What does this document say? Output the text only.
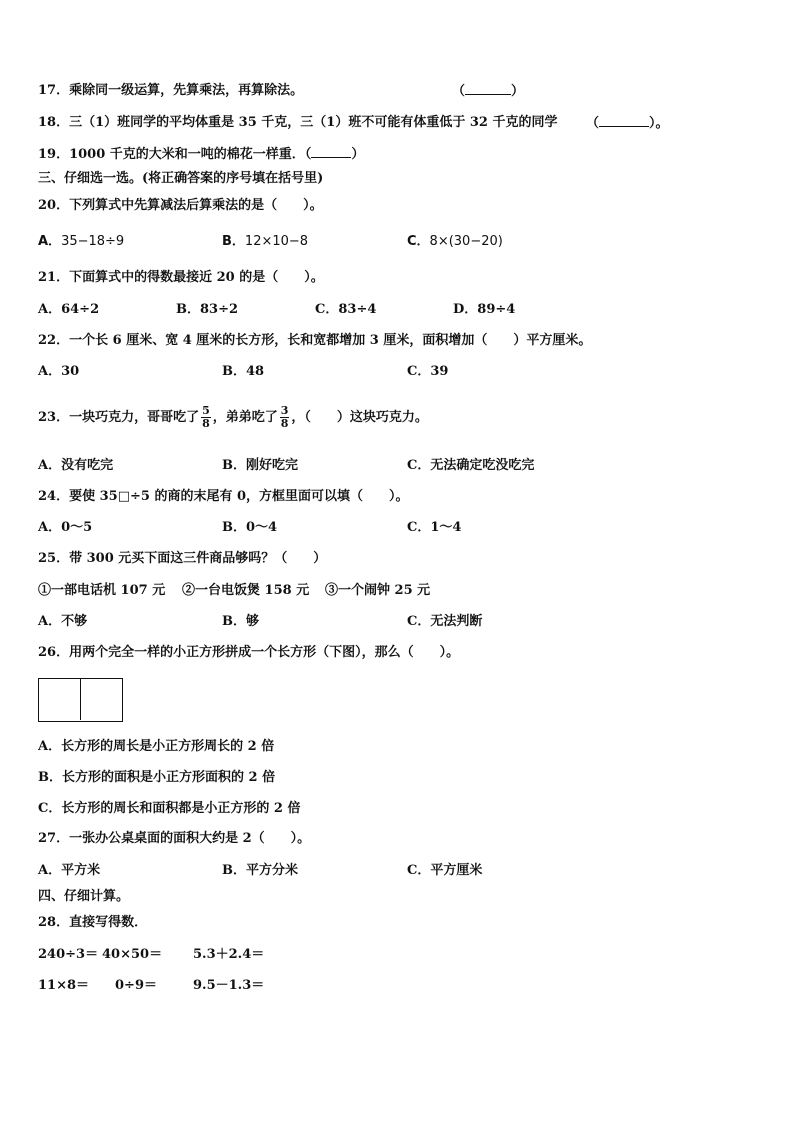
17．乘除同一级运算，先算乘法，再算除法。	（	）
18．三（1）班同学的平均体重是 35 千克，三（1）班不可能有体重低于 32 千克的同学 （	）。
19．1000 千克的大米和一吨的棉花一样重．（	）
三、仔细选一选。(将正确答案的序号填在括号里)
20．下列算式中先算减法后算乘法的是（　　）。
A．35−18÷9	B．12×10−8	C．8×(30−20)
21．下面算式中的得数最接近 20 的是（　　）。
A．64÷2	B．83÷2	C．83÷4	D．89÷4
22．一个长 6 厘米、宽 4 厘米的长方形，长和宽都增加 3 厘米，面积增加（　　）平方厘米。
A．30	B．48	C．39
23．一块巧克力，哥哥吃了 $\frac{5}{8}$ ，弟弟吃了 $\frac{3}{8}$ ，（　　）这块巧克力。
A．没有吃完	B．刚好吃完	C．无法确定吃没吃完
24．要使 35□÷5 的商的末尾有 0，方框里面可以填（　　）。
A．0～5	B．0～4	C．1～4
25．带 300 元买下面这三件商品够吗？（　　）
①一部电话机 107 元 ②一台电饭煲 158 元 ③一个闹钟 25 元
A．不够	B．够	C．无法判断
26．用两个完全一样的小正方形拼成一个长方形（下图），那么（　　）。
A．长方形的周长是小正方形周长的 2 倍
B．长方形的面积是小正方形面积的 2 倍
C．长方形的周长和面积都是小正方形的 2 倍
27．一张办公桌桌面的面积大约是 2（　　）。
A．平方米	B．平方分米	C．平方厘米
四、仔细计算。
28．直接写得数．
240÷3＝ 40×50＝ 5.3＋2.4＝
11×8＝ 0÷9＝	9.5－1.3＝
